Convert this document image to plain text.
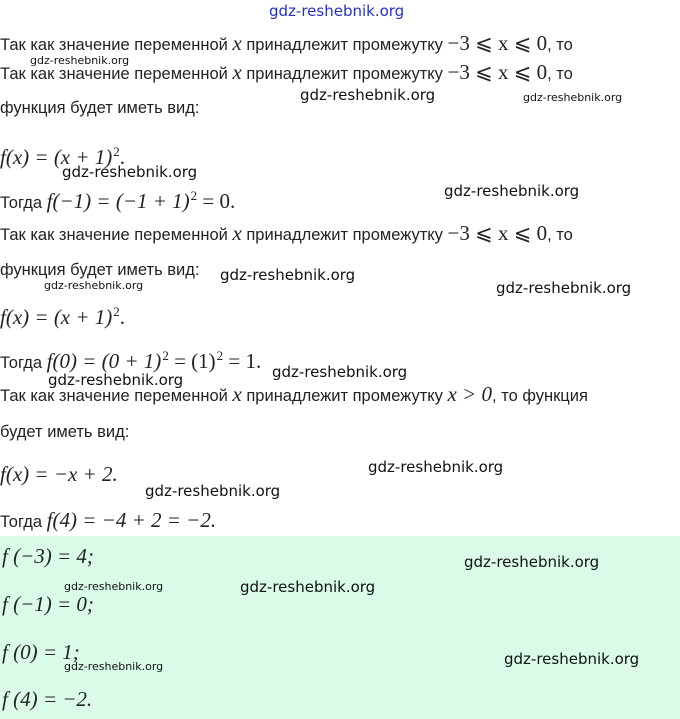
gdz-reshebnik.org
Так как значение переменной x принадлежит промежутку −3 ⩽ x ⩽ 0, то
gdz-reshebnik.org
Так как значение переменной x принадлежит промежутку −3 ⩽ x ⩽ 0, то
gdz-reshebnik.org	gdz-reshebnik.org
функция будет иметь вид:
$f(x) = (x + 1)^2$.
gdz-reshebnik.org
Тогда $f(-1) = (-1 + 1)^2 = 0$.	gdz-reshebnik.org
Так как значение переменной x принадлежит промежутку −3 ⩽ x ⩽ 0, то
функция будет иметь вид: gdz-reshebnik.org
gdz-reshebnik.org	gdz-reshebnik.org
$f(x) = (x + 1)^2$.
Тогда $f(0) = (0 + 1)^2 = (1)^2 = 1$. gdz-reshebnik.org
gdz-reshebnik.org
Так как значение переменной x принадлежит промежутку x > 0, то функция
будет иметь вид:
f(x) = −x + 2.	gdz-reshebnik.org
gdz-reshebnik.org
Тогда f(4) = −4 + 2 = −2.
f (−3) = 4;	gdz-reshebnik.org
gdz-reshebnik.org	gdz-reshebnik.org
f (−1) = 0;
f (0) = 1;	gdz-reshebnik.org
gdz-reshebnik.org
f (4) = −2.
